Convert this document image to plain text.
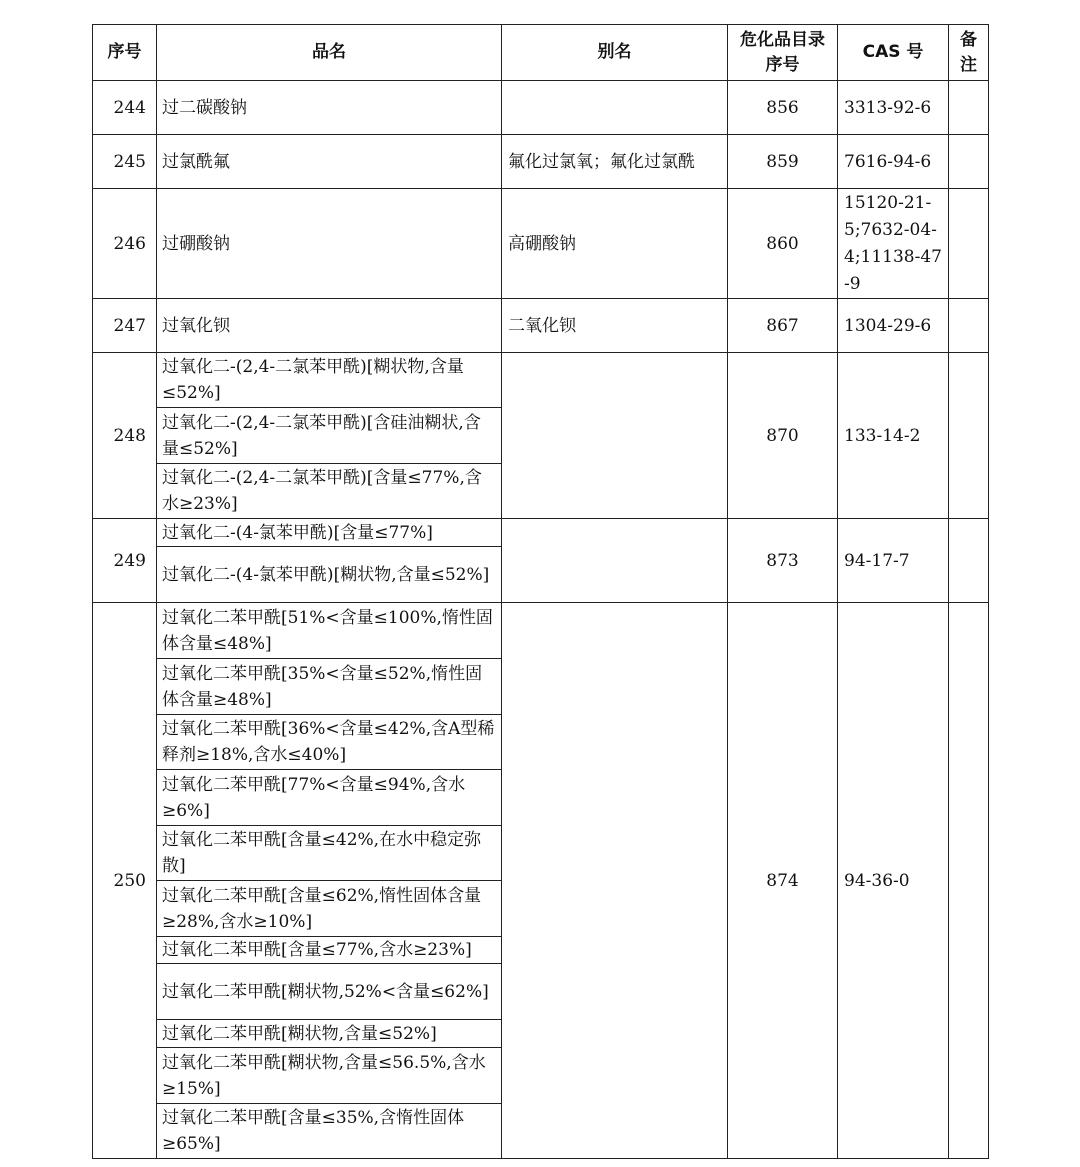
序号	品名	别名	危化品目录序号	CAS 号	备注
244	过二碳酸钠		856	3313-92-6	
245	过氯酰氟	氟化过氯氧；氟化过氯酰	859	7616-94-6	
246	过硼酸钠	高硼酸钠	860	15120-21-5;7632-04-4;11138-47-9	
247	过氧化钡	二氧化钡	867	1304-29-6	
248	过氧化二-(2,4-二氯苯甲酰)[糊状物,含量≤52%]		870	133-14-2	
	过氧化二-(2,4-二氯苯甲酰)[含硅油糊状,含量≤52%]				
	过氧化二-(2,4-二氯苯甲酰)[含量≤77%,含水≥23%]				
249	过氧化二-(4-氯苯甲酰)[含量≤77%]		873	94-17-7	
	过氧化二-(4-氯苯甲酰)[糊状物,含量≤52%]				
250	过氧化二苯甲酰[51%<含量≤100%,惰性固体含量≤48%]		874	94-36-0	
	过氧化二苯甲酰[35%<含量≤52%,惰性固体含量≥48%]				
	过氧化二苯甲酰[36%<含量≤42%,含A型稀释剂≥18%,含水≤40%]				
	过氧化二苯甲酰[77%<含量≤94%,含水≥6%]				
	过氧化二苯甲酰[含量≤42%,在水中稳定弥散]				
	过氧化二苯甲酰[含量≤62%,惰性固体含量≥28%,含水≥10%]				
	过氧化二苯甲酰[含量≤77%,含水≥23%]				
	过氧化二苯甲酰[糊状物,52%<含量≤62%]				
	过氧化二苯甲酰[糊状物,含量≤52%]				
	过氧化二苯甲酰[糊状物,含量≤56.5%,含水≥15%]				
	过氧化二苯甲酰[含量≤35%,含惰性固体≥65%]				
